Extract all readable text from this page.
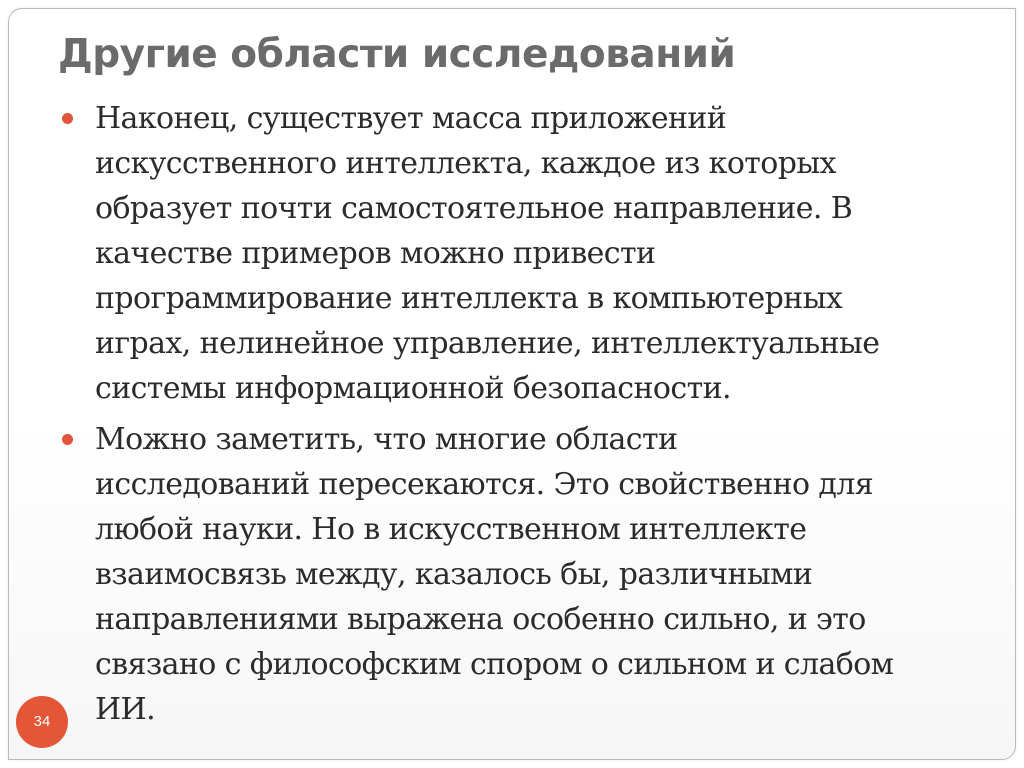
Другие области исследований
Наконец, существует масса приложений
искусственного интеллекта, каждое из которых
образует почти самостоятельное направление. В
качестве примеров можно привести
программирование интеллекта в компьютерных
играх, нелинейное управление, интеллектуальные
системы информационной безопасности.
Можно заметить, что многие области
исследований пересекаются. Это свойственно для
любой науки. Но в искусственном интеллекте
взаимосвязь между, казалось бы, различными
направлениями выражена особенно сильно, и это
связано с философским спором о сильном и слабом
ИИ.
34
